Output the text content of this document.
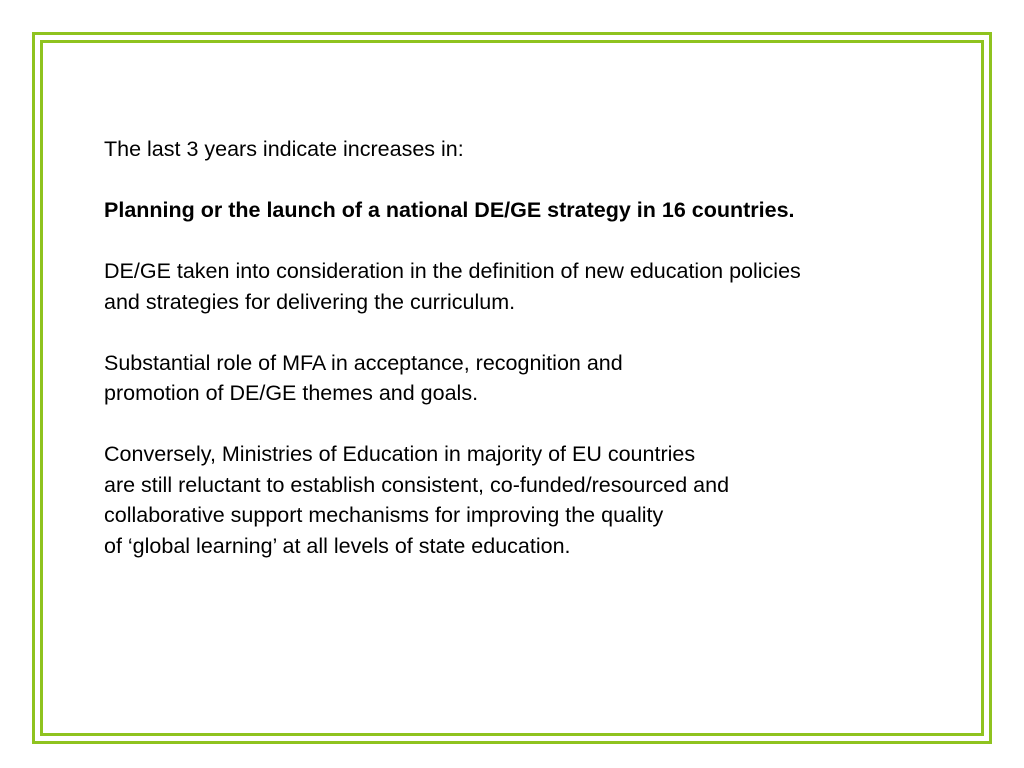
The last 3 years indicate increases in:

Planning or the launch of a national DE/GE strategy in 16 countries.

DE/GE taken into consideration in the definition of new education policies
and strategies for delivering the curriculum.

Substantial role of MFA in acceptance, recognition and
promotion of DE/GE themes and goals.

Conversely, Ministries of Education in majority of EU countries
are still reluctant to establish consistent, co-funded/resourced and
collaborative support mechanisms for improving the quality
of ‘global learning’ at all levels of state education.
